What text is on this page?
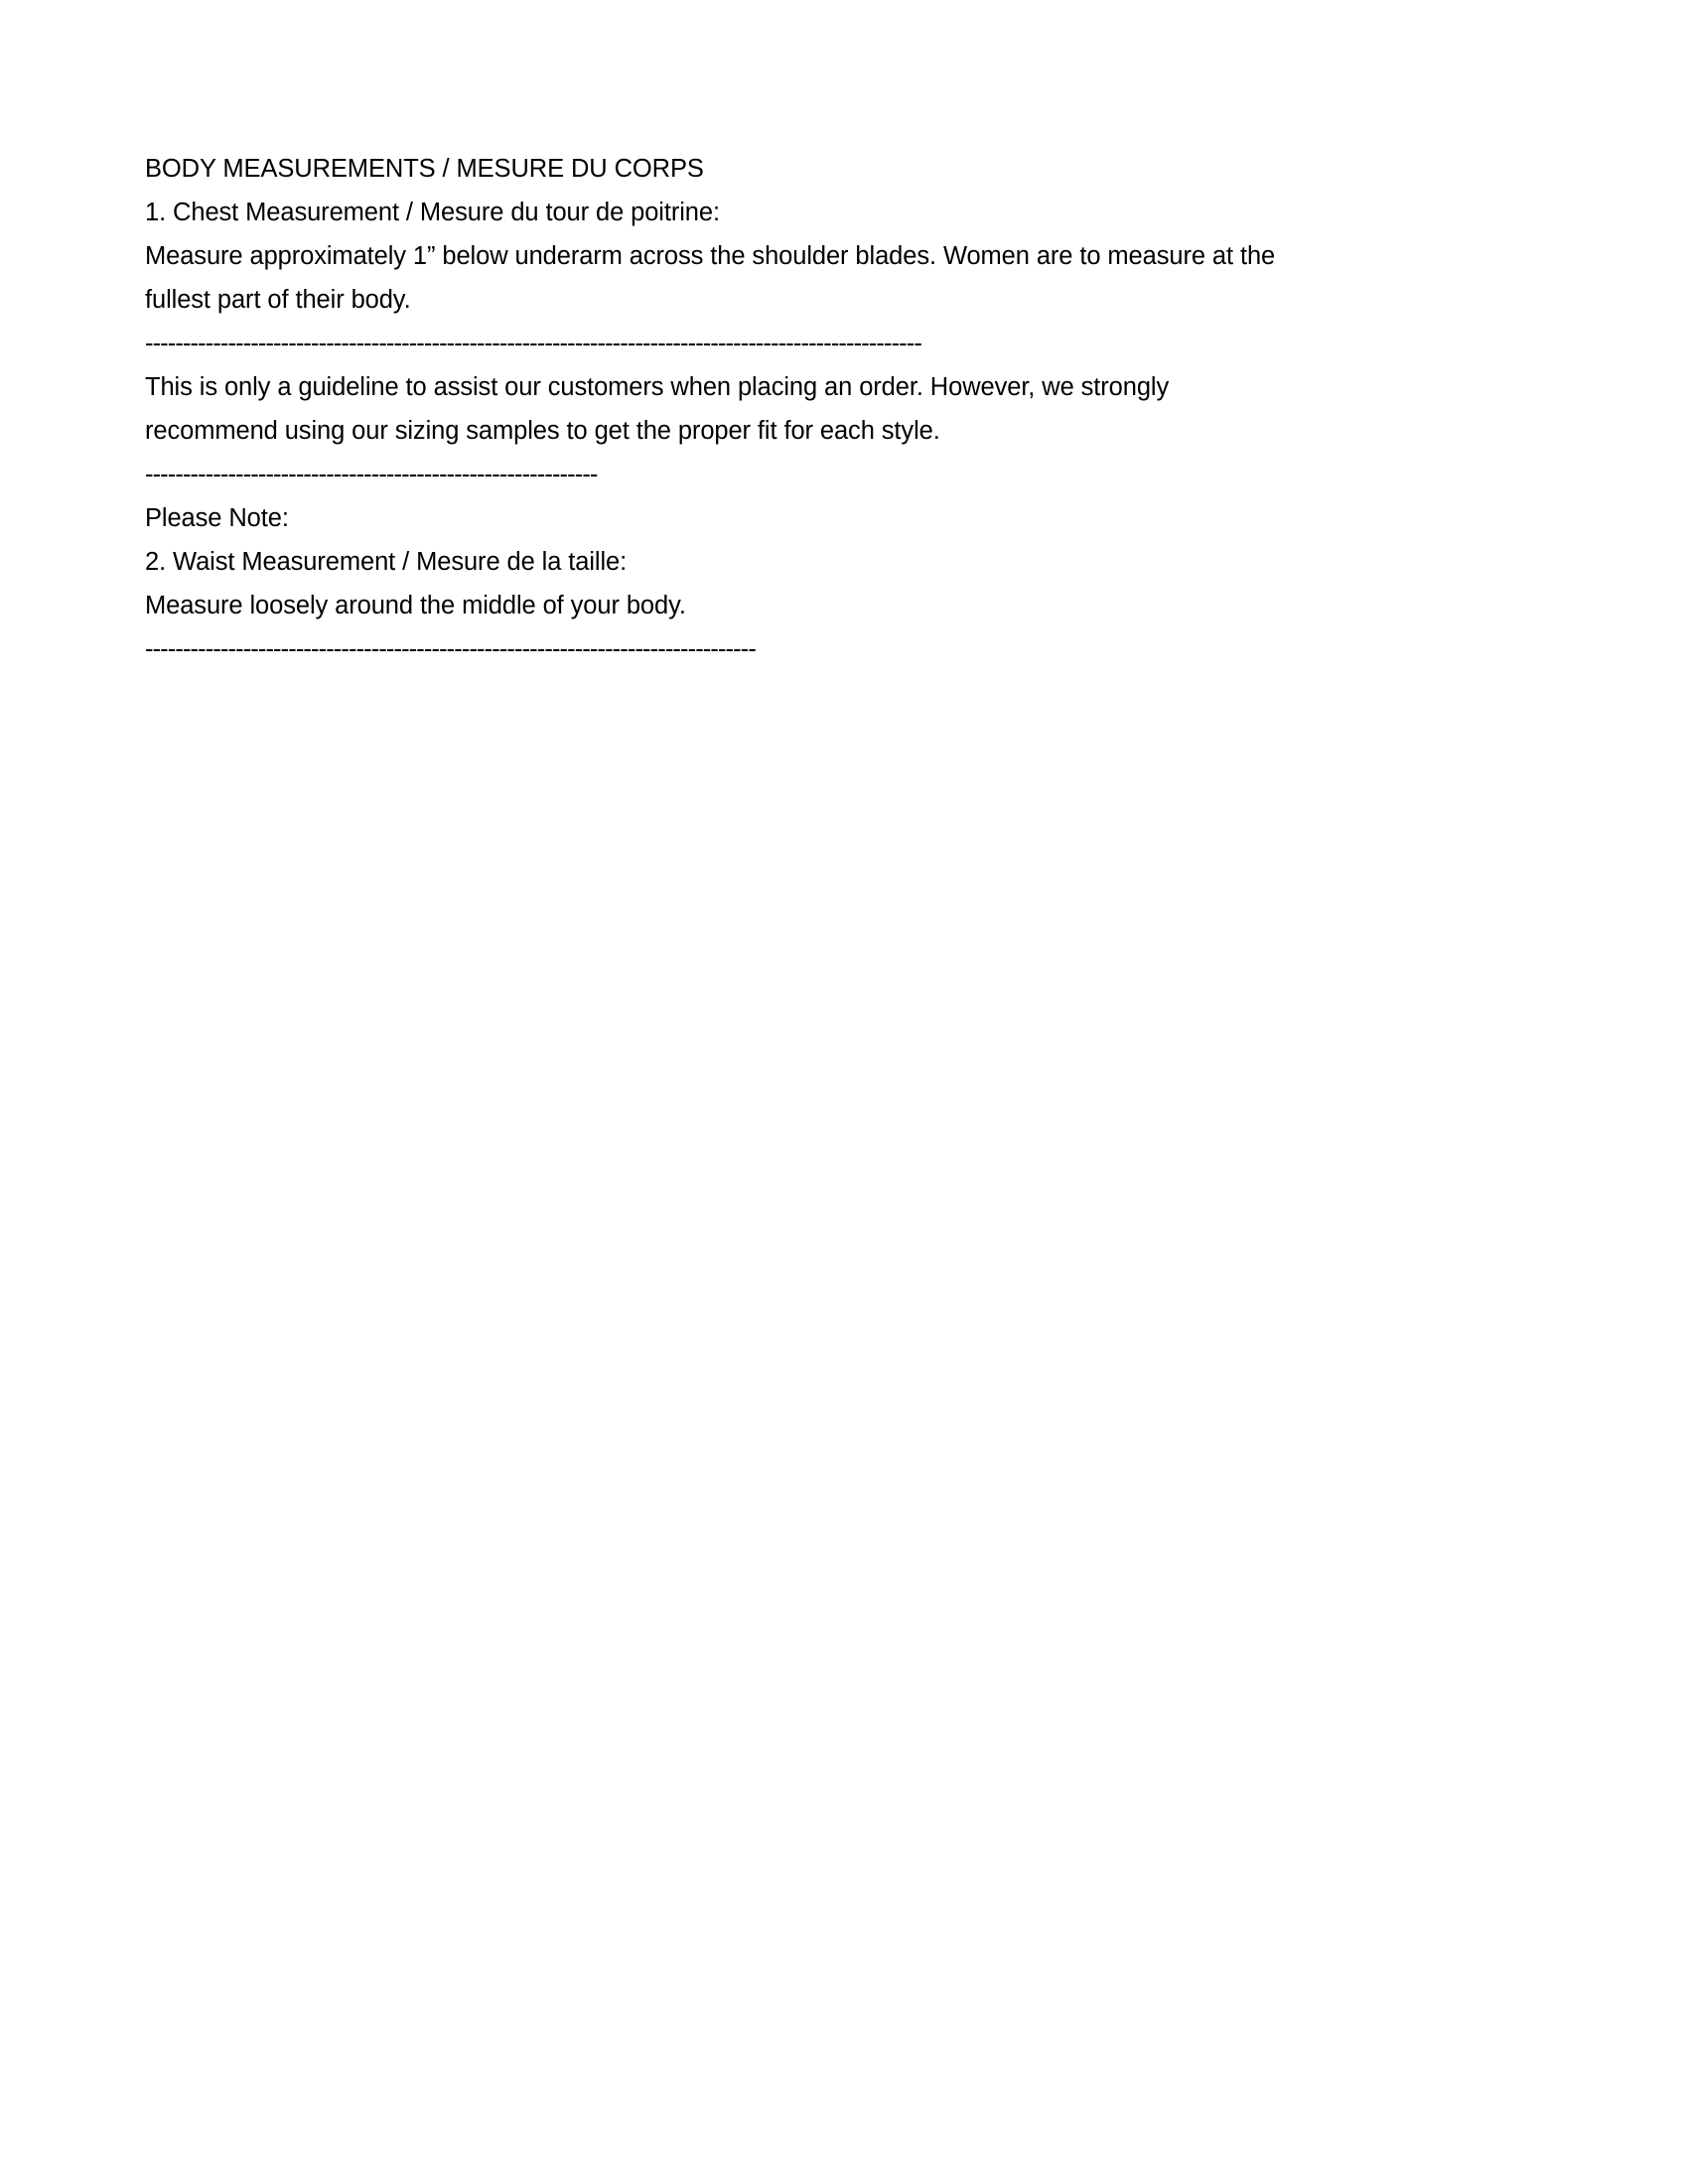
BODY MEASUREMENTS / MESURE DU CORPS
1. Chest Measurement / Mesure du tour de poitrine:
Measure approximately 1” below underarm across the shoulder blades. Women are to measure at the fullest part of their body.
-------------------------------------------------------------------------------------------------------
This is only a guideline to assist our customers when placing an order. However, we strongly recommend using our sizing samples to get the proper fit for each style.
------------------------------------------------------------
Please Note:
2. Waist Measurement / Mesure de la taille:
Measure loosely around the middle of your body.
---------------------------------------------------------------------------------
